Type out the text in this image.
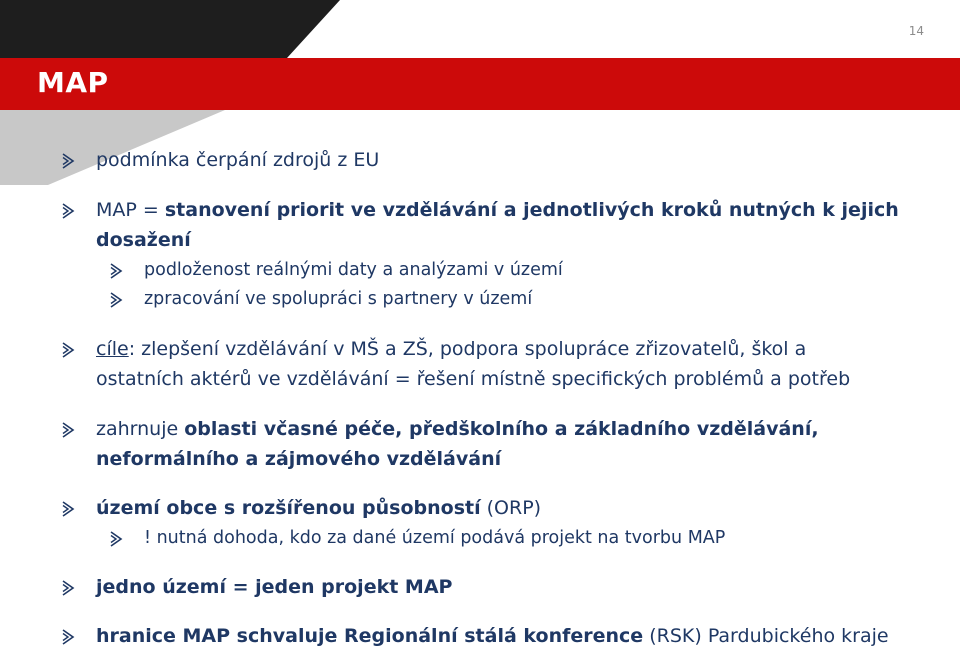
14
MAP
podmínka čerpání zdrojů z EU
MAP = stanovení priorit ve vzdělávání a jednotlivých kroků nutných k jejich
dosažení
podloženost reálnými daty a analýzami v území
zpracování ve spolupráci s partnery v území
cíle: zlepšení vzdělávání v MŠ a ZŠ, podpora spolupráce zřizovatelů, škol a
ostatních aktérů ve vzdělávání = řešení místně specifických problémů a potřeb
zahrnuje oblasti včasné péče, předškolního a základního vzdělávání,
neformálního a zájmového vzdělávání
území obce s rozšířenou působností (ORP)
! nutná dohoda, kdo za dané území podává projekt na tvorbu MAP
jedno území = jeden projekt MAP
hranice MAP schvaluje Regionální stálá konference (RSK) Pardubického kraje
